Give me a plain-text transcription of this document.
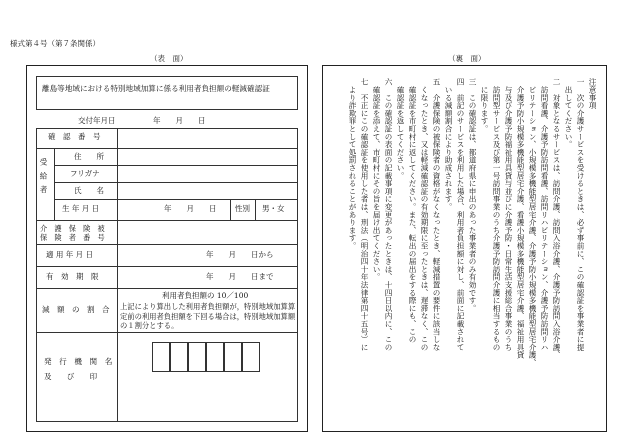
様式第４号（第７条関係）
（表　面）	（裏　面）
離島等地域における特別地域加算に係る利用者負担額の軽減確認証
交付年月日　　　　　年　　月　　日
確　認　番　号
受給者
住　　所
フリガナ
氏　　名
生 年 月 日	年　　月　　日 性別 男・女
介　護　保　険　被
保　険　者　番　号
適 用 年 月 日	年　　月　　日から
有　効　期　限	年　　月　　日まで
減　額　の　割　合
利用者負担額の 10／100
上記により算出した利用者負担額が，特別地域加算算定前の利用者負担額を下回る場合は，特別地域加算額の１割分とする。
発　行　機　関　名
及　　び　　印
注意事項
一　次の介護サービスを受けるときは、必ず事前に、この確認証を事業者に提
　出してください。
二　対象となるサービスは、訪問介護、訪問入浴介護、介護予防訪問入浴介護、
　訪問看護、介護予防訪問看護、訪問リハビリテーション、介護予防訪問リハ
　ビリテーション、小規模多機能型居宅介護、介護予防小規模多機能型居宅介護、
　介護予防小規模多機能型居宅介護、看護小規模多機能型居宅介護、福祉用具貸
　与及び介護予防福祉用具貸与並びに介護予防・日常生活支援総合事業のうち
　訪問型サービス及び第一号訪問事業のうち介護予防訪問介護に相当するもの
　に限ります。
三　この確認証は、都道府県に申出のあった事業者のみ有効です。
四　前記のサービスを利用した場合、利用者負担額に対し、前面に記載されて
　いる減額割合により助成されます。
五　介護保険の被保険者の資格がなくなったとき、軽減措置の要件に該当しな
　くなったとき、又は軽減確認証の有効期限に至ったときは、遅滞なく、この
　確認証を市町村に返してください。また、転出の届出をする際にも、この
　確認証を返してください。
六　この確認証の表面の記載事項に変更があったときは、十四日以内に、この
　確認証を添えて、市町村にその旨を届け出てください。
七　不正にこの確認証を使用した者は、刑法（明治四十年法律第四十五号）に
　より詐欺罪として処罰されることがあります。
